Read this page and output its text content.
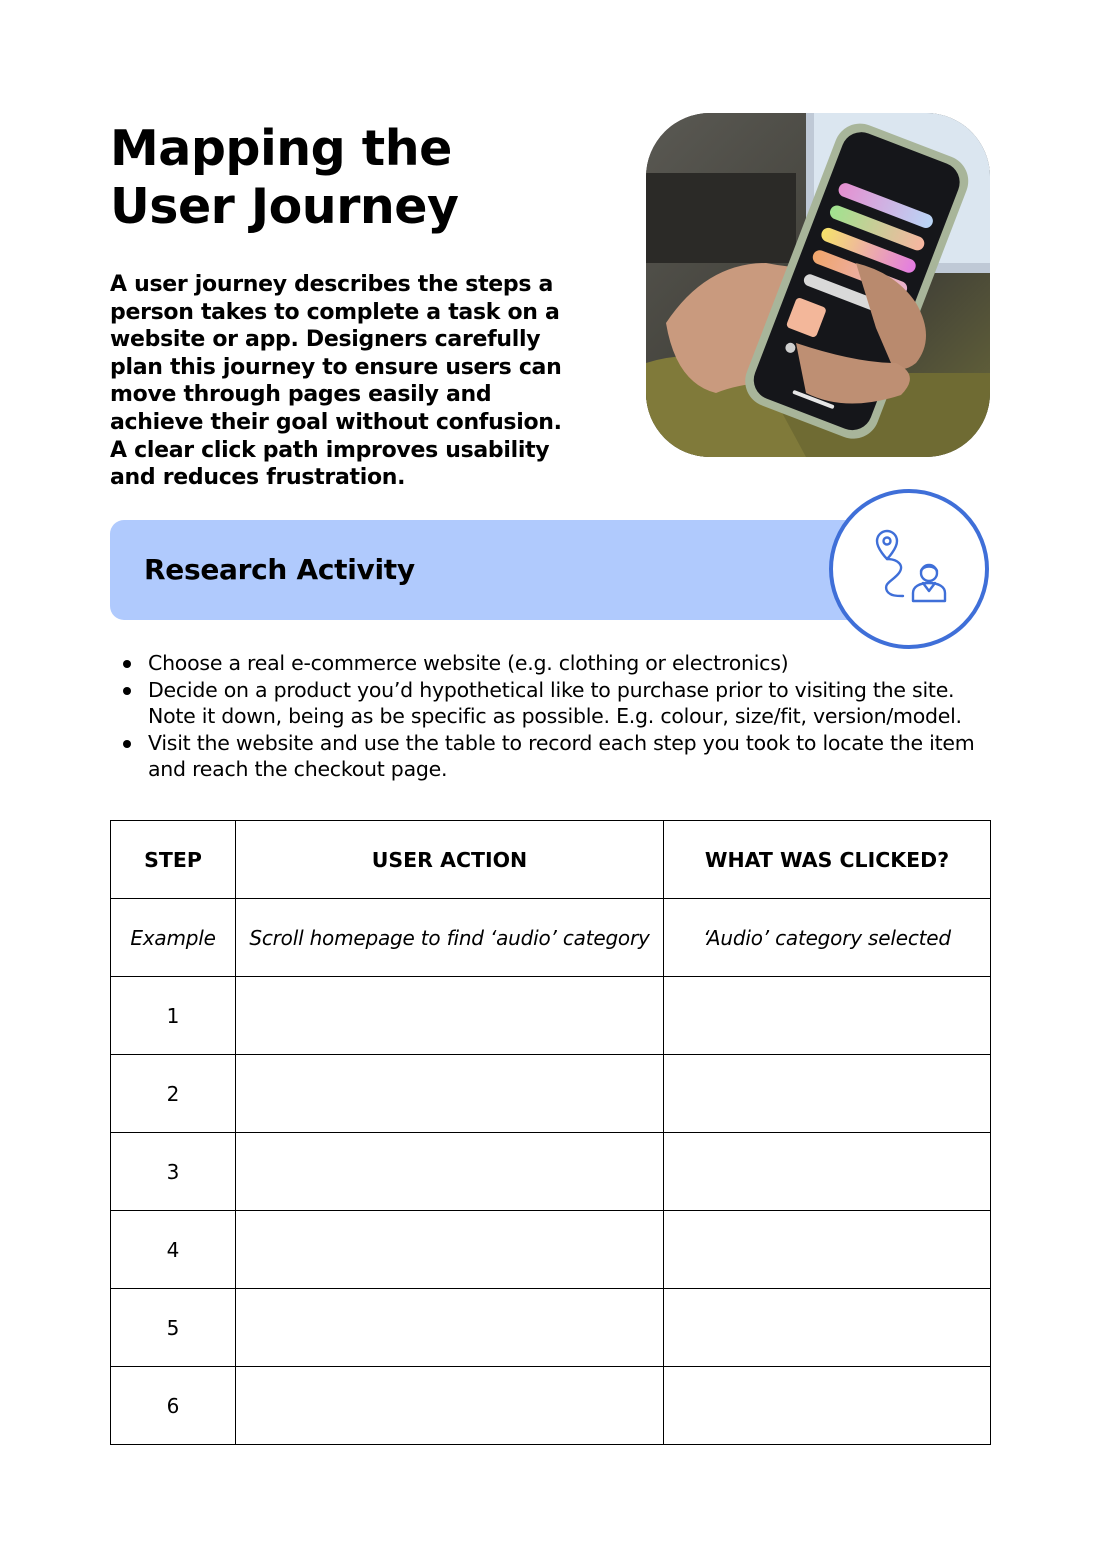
Mapping the
User Journey

A user journey describes the steps a person takes to complete a task on a website or app. Designers carefully plan this journey to ensure users can move through pages easily and achieve their goal without confusion. A clear click path improves usability and reduces frustration.

Research Activity
Choose a real e-commerce website (e.g. clothing or electronics)
Decide on a product you’d hypothetical like to purchase prior to visiting the site. Note it down, being as be specific as possible. E.g. colour, size/fit, version/model.
Visit the website and use the table to record each step you took to locate the item and reach the checkout page.
STEP	USER ACTION	WHAT WAS CLICKED?
Example	Scroll homepage to find ‘audio’ category	‘Audio’ category selected
1		
2		
3		
4		
5		
6		
